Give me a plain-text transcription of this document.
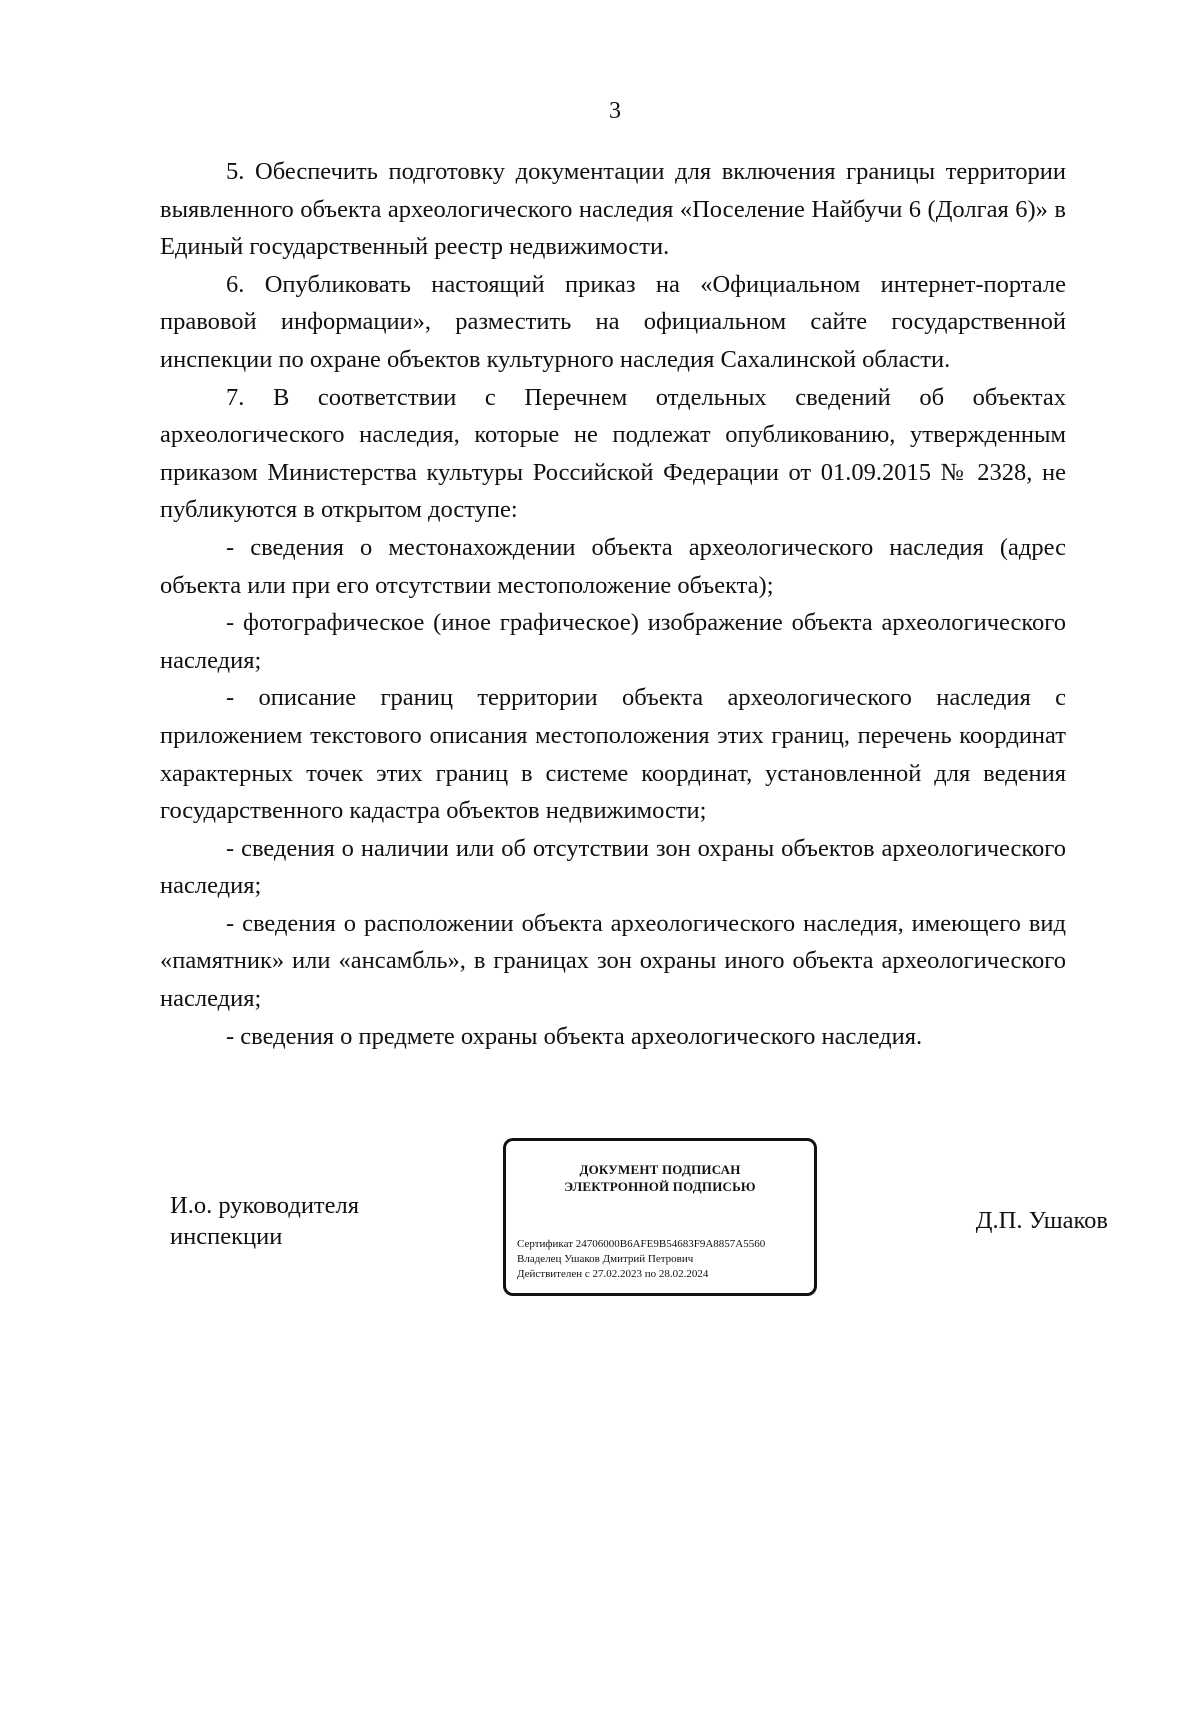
3

5. Обеспечить подготовку документации для включения границы территории выявленного объекта археологического наследия «Поселение Найбучи 6 (Долгая 6)» в Единый государственный реестр недвижимости.

6. Опубликовать настоящий приказ на «Официальном интернет-портале правовой информации», разместить на официальном сайте государственной инспекции по охране объектов культурного наследия Сахалинской области.

7. В соответствии с Перечнем отдельных сведений об объектах археологического наследия, которые не подлежат опубликованию, утвержденным приказом Министерства культуры Российской Федерации от 01.09.2015 № 2328, не публикуются в открытом доступе:

- сведения о местонахождении объекта археологического наследия (адрес объекта или при его отсутствии местоположение объекта);

- фотографическое (иное графическое) изображение объекта археологического наследия;

- описание границ территории объекта археологического наследия с приложением текстового описания местоположения этих границ, перечень координат характерных точек этих границ в системе координат, установленной для ведения государственного кадастра объектов недвижимости;

- сведения о наличии или об отсутствии зон охраны объектов археологического наследия;

- сведения о расположении объекта археологического наследия, имеющего вид «памятник» или «ансамбль», в границах зон охраны иного объекта археологического наследия;

- сведения о предмете охраны объекта археологического наследия.

И.о. руководителя
инспекции
ДОКУМЕНТ ПОДПИСАН
ЭЛЕКТРОННОЙ ПОДПИСЬЮ
Сертификат 24706000B6AFE9B54683F9A8857A5560
Владелец Ушаков Дмитрий Петрович
Действителен с 27.02.2023 по 28.02.2024
Д.П. Ушаков
